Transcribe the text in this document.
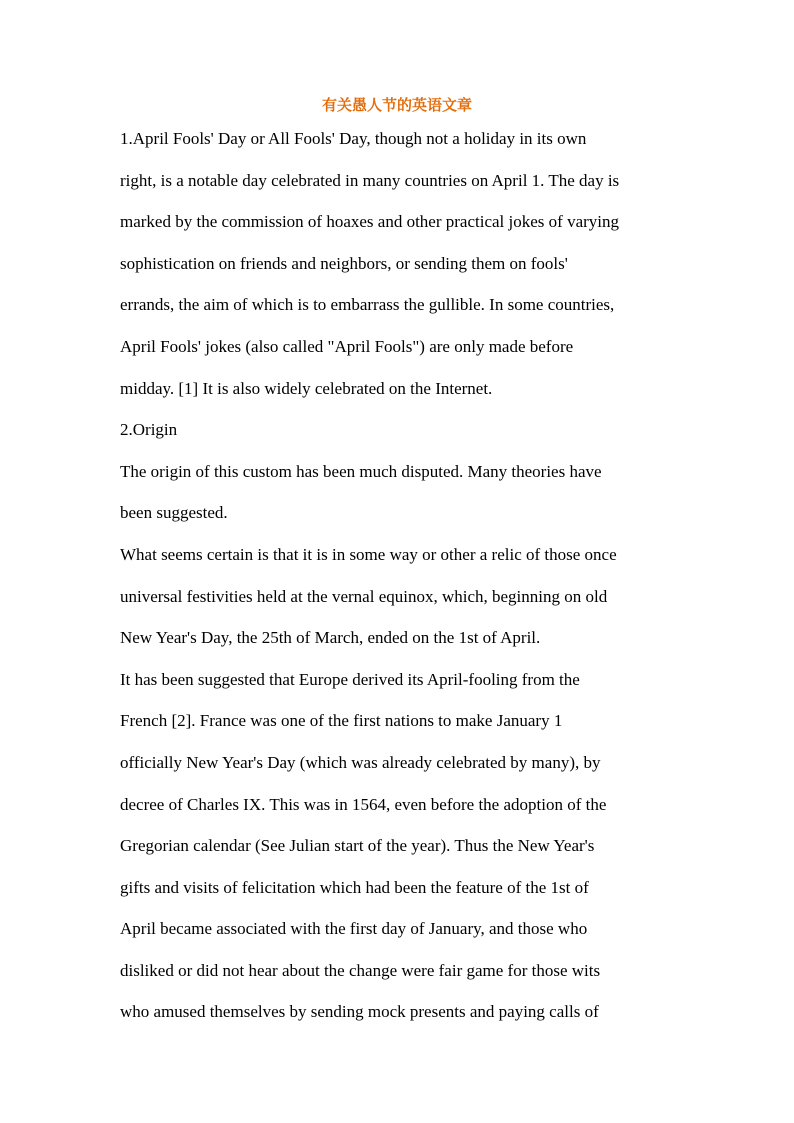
有关愚人节的英语文章
1.April Fools' Day or All Fools' Day, though not a holiday in its own
right, is a notable day celebrated in many countries on April 1. The day is
marked by the commission of hoaxes and other practical jokes of varying
sophistication on friends and neighbors, or sending them on fools'
errands, the aim of which is to embarrass the gullible. In some countries,
April Fools' jokes (also called "April Fools") are only made before
midday. [1] It is also widely celebrated on the Internet.
2.Origin
The origin of this custom has been much disputed. Many theories have
been suggested.
What seems certain is that it is in some way or other a relic of those once
universal festivities held at the vernal equinox, which, beginning on old
New Year's Day, the 25th of March, ended on the 1st of April.
It has been suggested that Europe derived its April-fooling from the
French [2]. France was one of the first nations to make January 1
officially New Year's Day (which was already celebrated by many), by
decree of Charles IX. This was in 1564, even before the adoption of the
Gregorian calendar (See Julian start of the year). Thus the New Year's
gifts and visits of felicitation which had been the feature of the 1st of
April became associated with the first day of January, and those who
disliked or did not hear about the change were fair game for those wits
who amused themselves by sending mock presents and paying calls of
